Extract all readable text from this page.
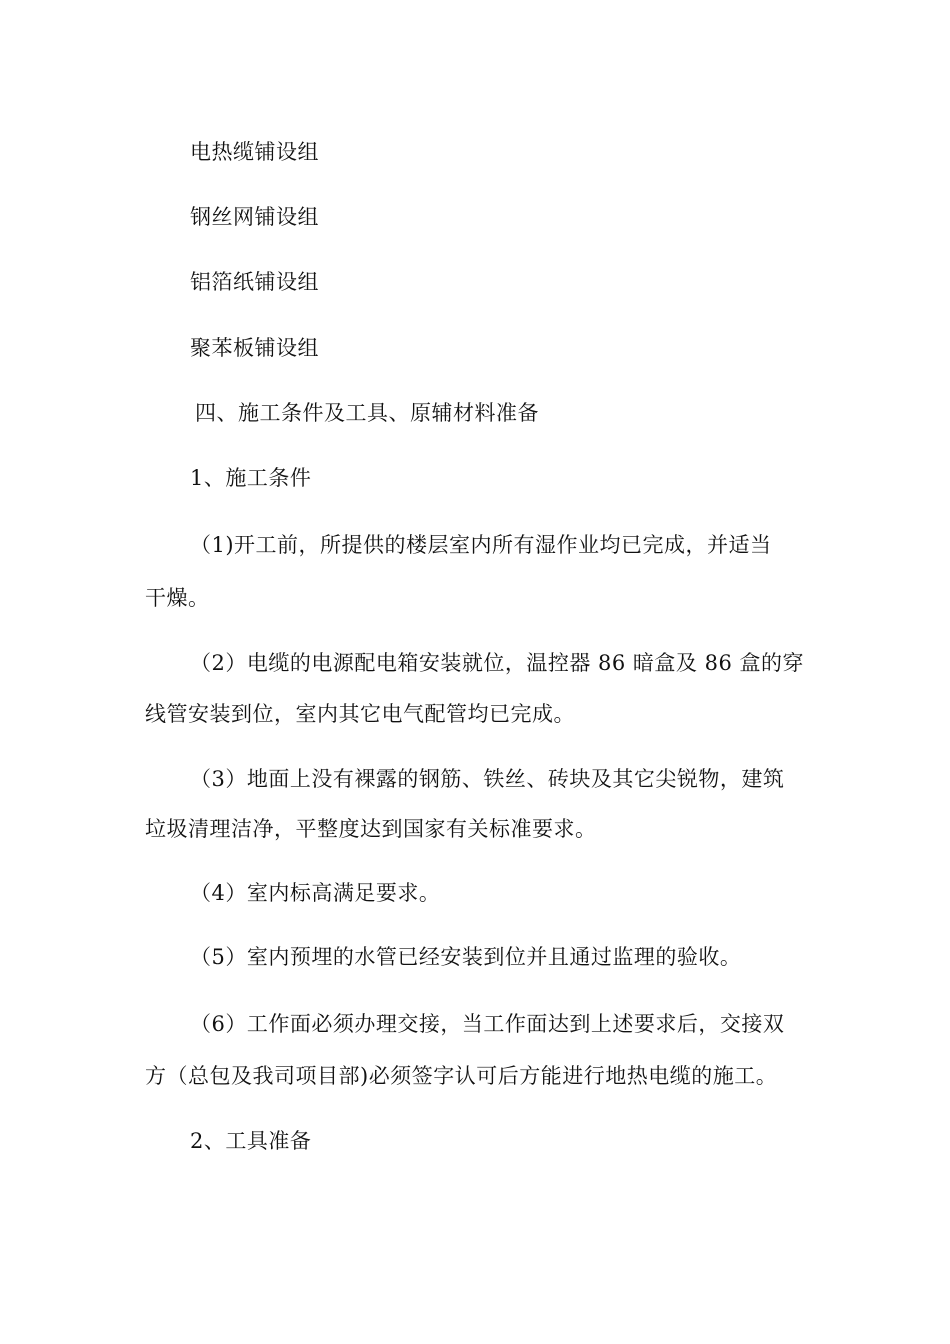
电热缆铺设组
钢丝网铺设组
铝箔纸铺设组
聚苯板铺设组
四、施工条件及工具、原辅材料准备
1、施工条件
（1)开工前，所提供的楼层室内所有湿作业均已完成，并适当
干燥。
（2）电缆的电源配电箱安装就位，温控器 86 暗盒及 86 盒的穿
线管安装到位，室内其它电气配管均已完成。
（3）地面上没有裸露的钢筋、铁丝、砖块及其它尖锐物，建筑
垃圾清理洁净，平整度达到国家有关标准要求。
（4）室内标高满足要求。
（5）室内预埋的水管已经安装到位并且通过监理的验收。
（6）工作面必须办理交接，当工作面达到上述要求后，交接双
方（总包及我司项目部)必须签字认可后方能进行地热电缆的施工。
2、工具准备
